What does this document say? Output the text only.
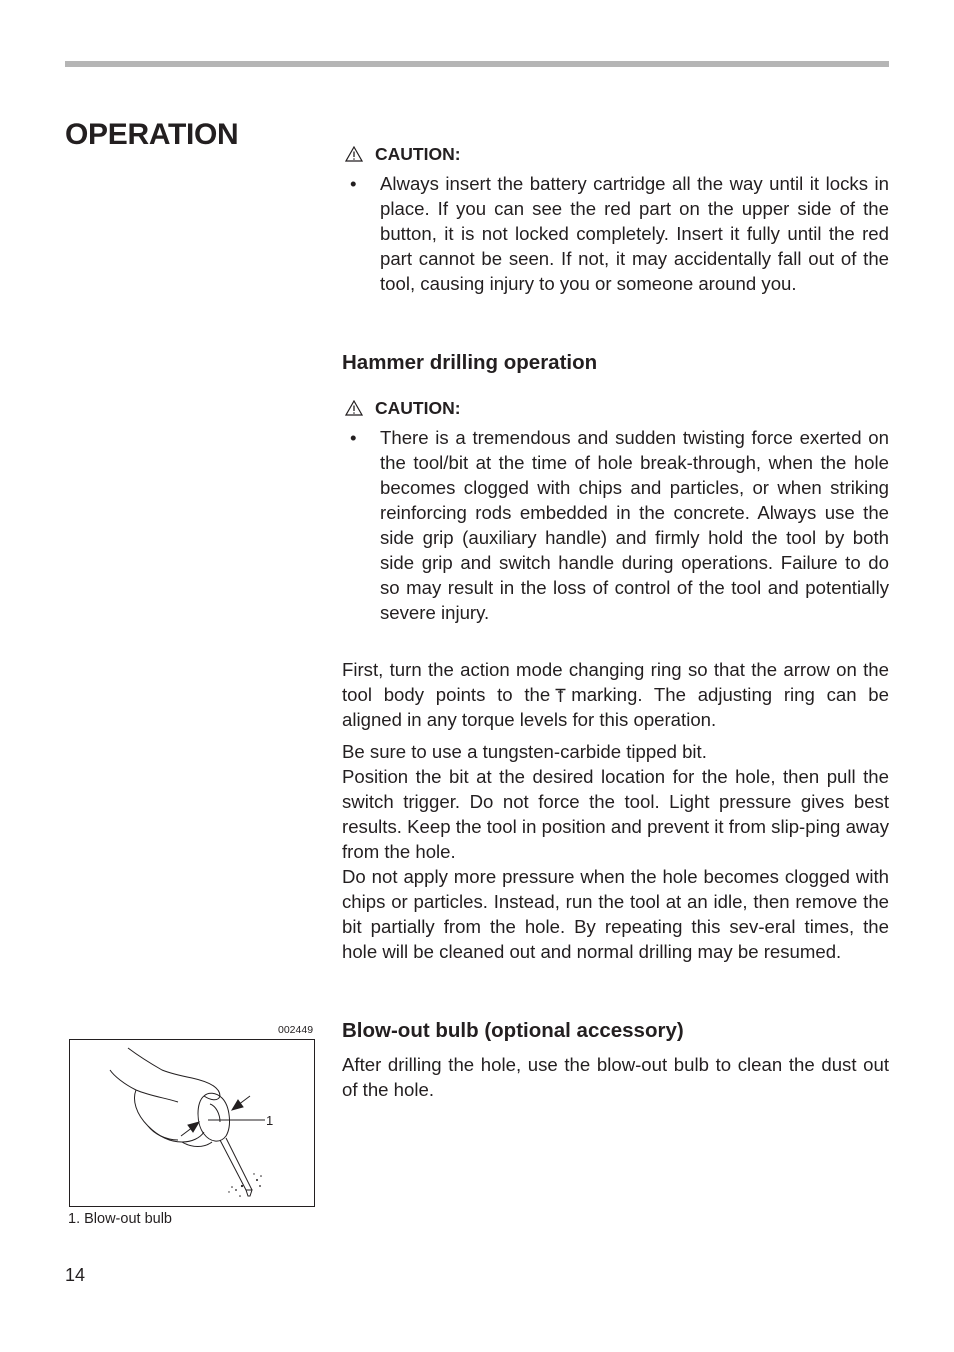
OPERATION
CAUTION:
• Always insert the battery cartridge all the way until it locks in place. If you can see the red part on the upper side of the button, it is not locked completely. Insert it fully until the red part cannot be seen. If not, it may accidentally fall out of the tool, causing injury to you or someone around you.

Hammer drilling operation
CAUTION:
• There is a tremendous and sudden twisting force exerted on the tool/bit at the time of hole break-through, when the hole becomes clogged with chips and particles, or when striking reinforcing rods embedded in the concrete. Always use the side grip (auxiliary handle) and firmly hold the tool by both side grip and switch handle during operations. Failure to do so may result in the loss of control of the tool and potentially severe injury.

First, turn the action mode changing ring so that the arrow on the tool body points to the marking. The adjusting ring can be aligned in any torque levels for this operation.

Be sure to use a tungsten-carbide tipped bit.

Position the bit at the desired location for the hole, then pull the switch trigger. Do not force the tool. Light pressure gives best results. Keep the tool in position and prevent it from slip-ping away from the hole.

Do not apply more pressure when the hole becomes clogged with chips or particles. Instead, run the tool at an idle, then remove the bit partially from the hole. By repeating this sev-eral times, the hole will be cleaned out and normal drilling may be resumed.

Blow-out bulb (optional accessory)

After drilling the hole, use the blow-out bulb to clean the dust out of the hole.

002449
1
1. Blow-out bulb
14
